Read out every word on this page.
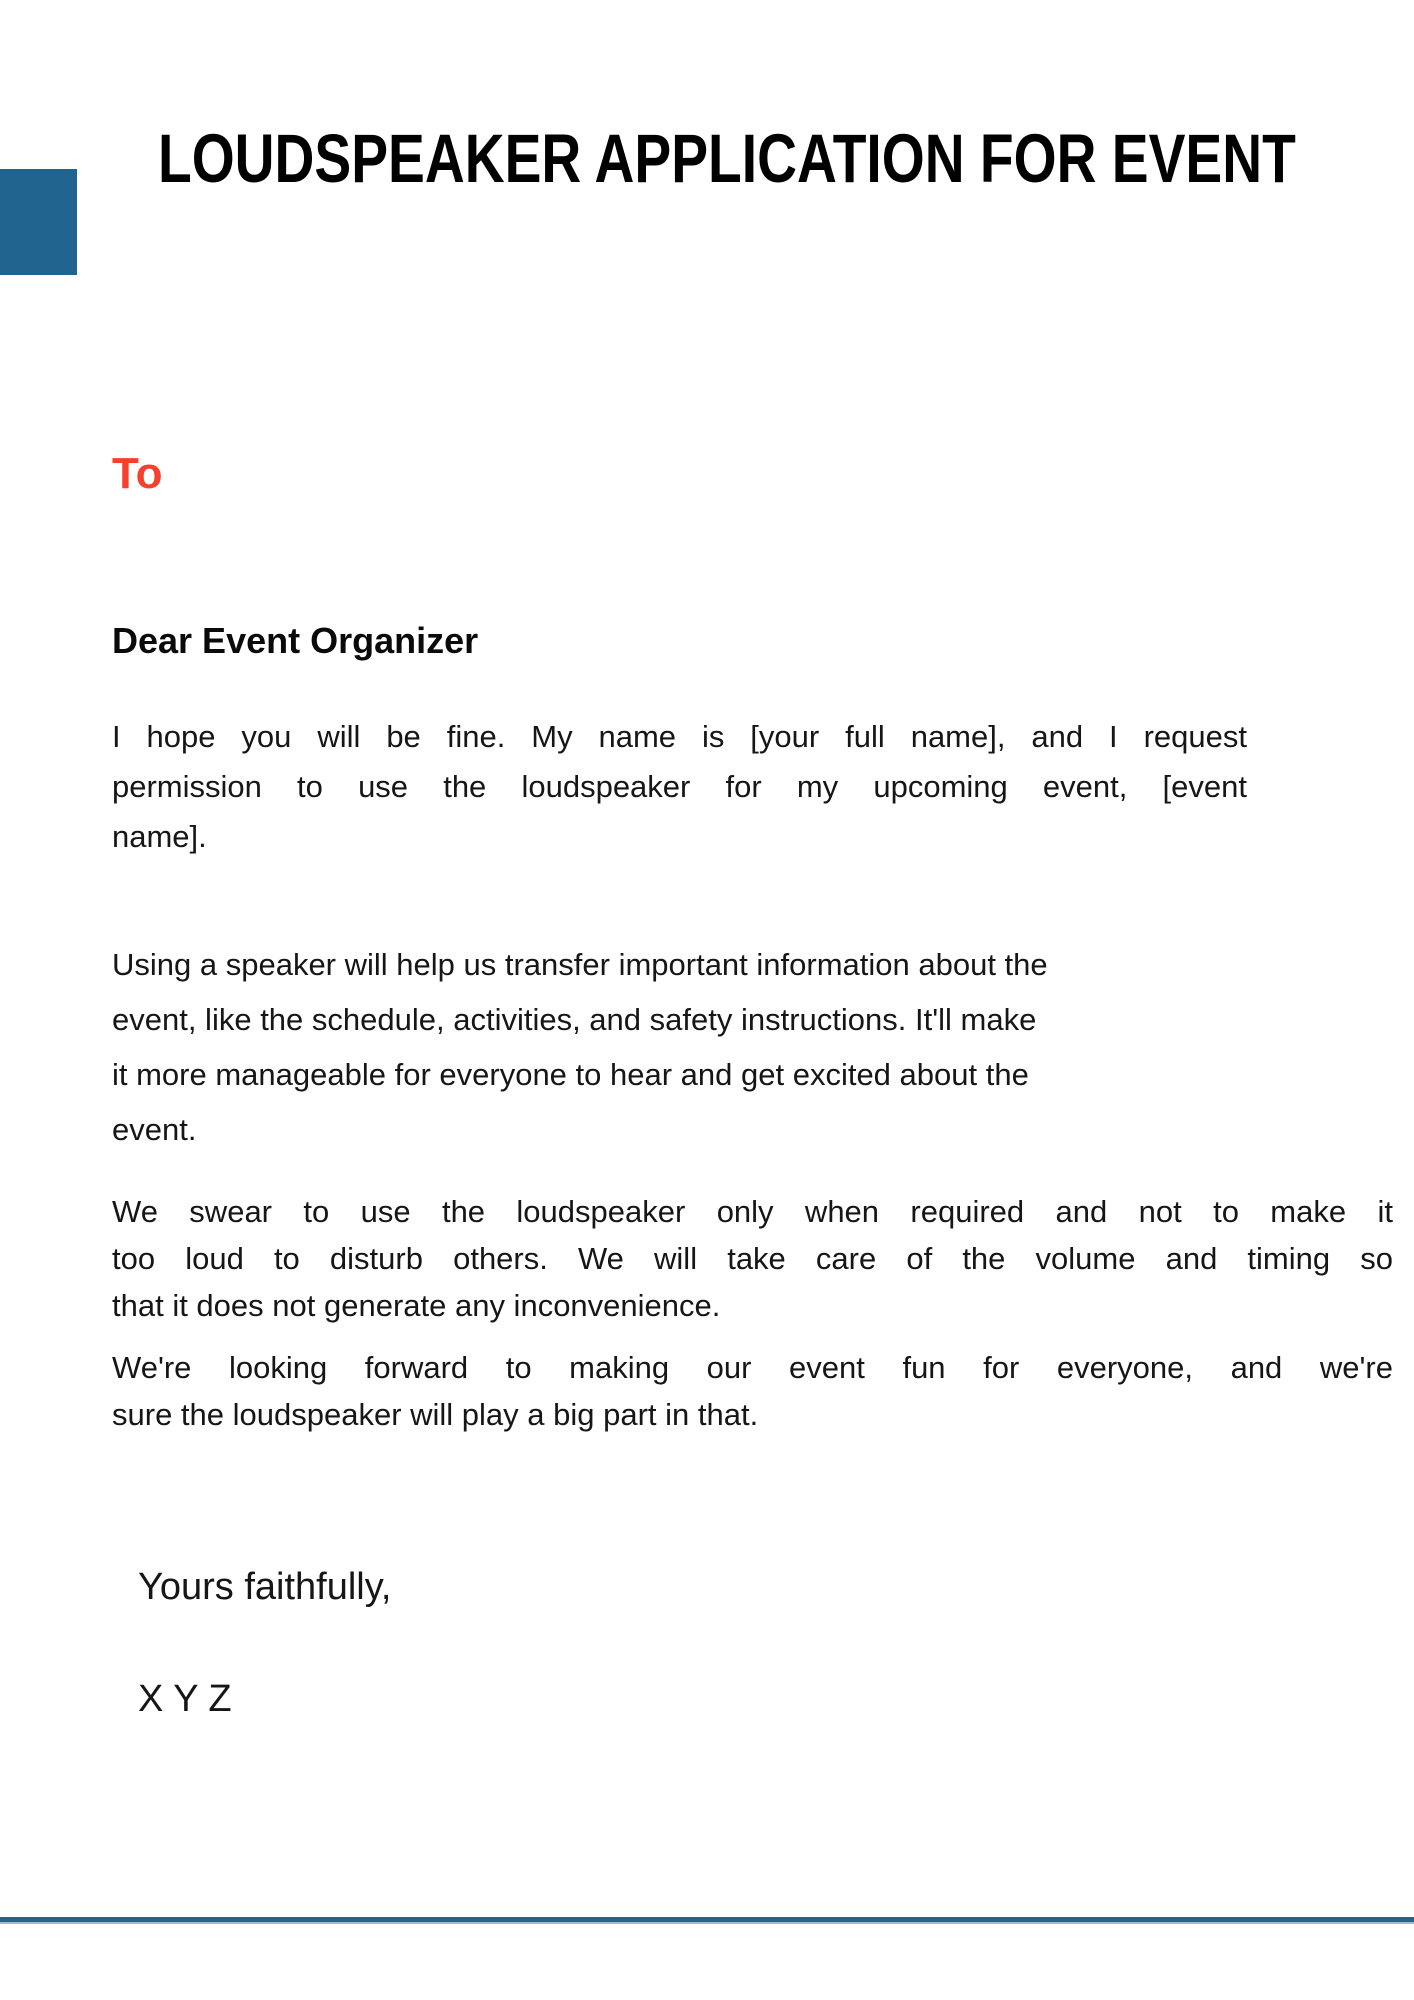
LOUDSPEAKER APPLICATION FOR EVENT
To
Dear Event Organizer
I hope you will be fine. My name is [your full name], and I request
permission to use the loudspeaker for my upcoming event, [event
name].
Using a speaker will help us transfer important information about the
event, like the schedule, activities, and safety instructions. It'll make
it more manageable for everyone to hear and get excited about the
event.
We swear to use the loudspeaker only when required and not to make it
too loud to disturb others. We will take care of the volume and timing so
that it does not generate any inconvenience.
We're looking forward to making our event fun for everyone, and we're
sure the loudspeaker will play a big part in that.
Yours faithfully,
X Y Z
